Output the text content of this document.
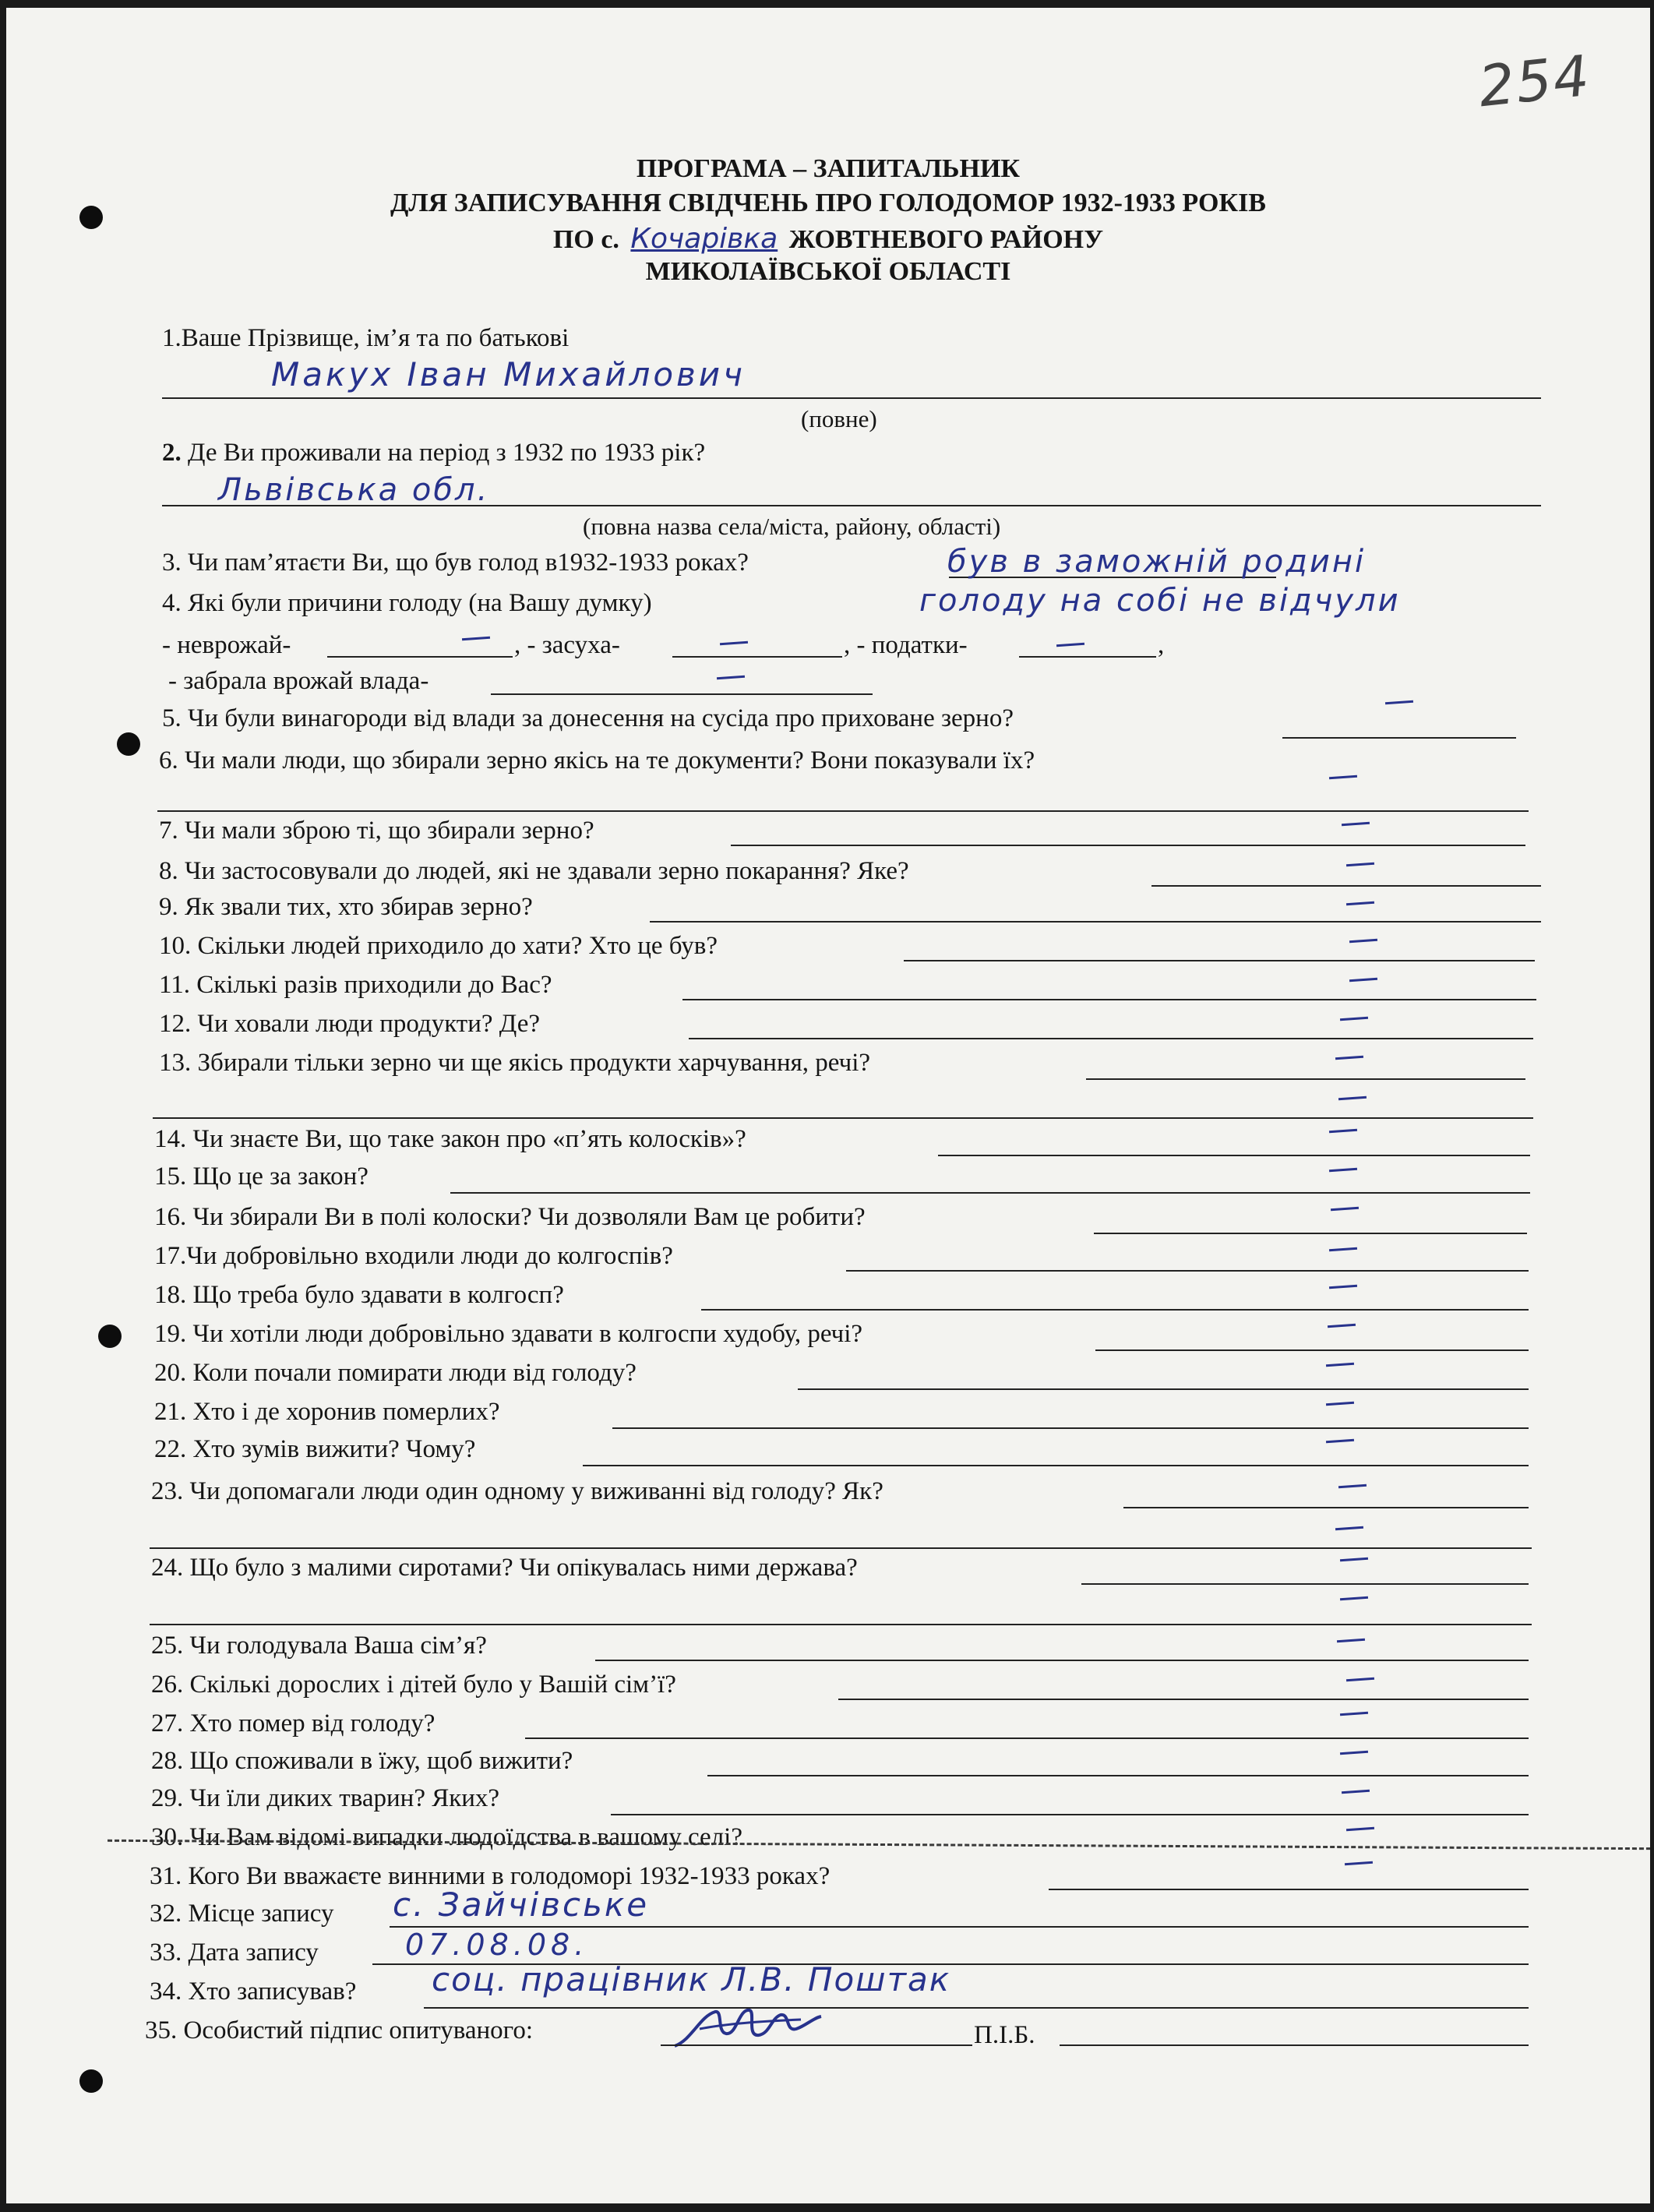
254
ПРОГРАМА – ЗАПИТАЛЬНИК
ДЛЯ ЗАПИСУВАННЯ СВІДЧЕНЬ ПРО ГОЛОДОМОР 1932-1933 РОКІВ
ПО с. Кочарівка ЖОВТНЕВОГО РАЙОНУ
МИКОЛАЇВСЬКОЇ ОБЛАСТІ
1.Ваше Прізвище, ім’я та по батькові
Макух Іван Михайлович
(повне)
2. Де Ви проживали на період з 1932 по 1933 рік?
Львівська обл.
(повна назва села/міста, району, області)
3. Чи пам’ятаєти Ви, що був голод в1932-1933 роках?	був в заможній родині
4. Які були причини голоду (на Вашу думку)	голоду на собі не відчули
- неврожай-	, - засуха-	, - податки-	,
- забрала врожай влада-
5. Чи були винагороди від влади за донесення на сусіда про приховане зерно?
6. Чи мали люди, що збирали зерно якісь на те документи? Вони показували їх?
7. Чи мали зброю ті, що збирали зерно?
8. Чи застосовували до людей, які не здавали зерно покарання? Яке?
9. Як звали тих, хто збирав зерно?
10. Скільки людей приходило до хати? Хто це був?
11. Скількі разів приходили до Вас?
12. Чи ховали люди продукти? Де?
13. Збирали тільки зерно чи ще якісь продукти харчування, речі?
14. Чи знаєте Ви, що таке закон про «п’ять колосків»?
15. Що це за закон?
16. Чи збирали Ви в полі колоски? Чи дозволяли Вам це робити?
17.Чи добровільно входили люди до колгоспів?
18. Що треба було здавати в колгосп?
19. Чи хотіли люди добровільно здавати в колгоспи худобу, речі?
20. Коли почали помирати люди від голоду?
21. Хто і де хоронив померлих?
22. Хто зумів вижити? Чому?
23. Чи допомагали люди один одному у виживанні від голоду? Як?
24. Що було з малими сиротами? Чи опікувалась ними держава?
25. Чи голодувала Ваша сім’я?
26. Скількі дорослих і дітей було у Вашій сім’ї?
27. Хто помер від голоду?
28. Що споживали в їжу, щоб вижити?
29. Чи їли диких тварин? Яких?
30. Чи Вам відомі випадки людоїдства в вашому селі?
31. Кого Ви вважаєте винними в голодоморі 1932-1933 роках?
32. Місце запису с. Зайчівське
33. Дата запису	07.08.08.
34. Хто записував? соц. працівник Л.В. Поштак
35. Особистий підпис опитуваного:	П.І.Б.
